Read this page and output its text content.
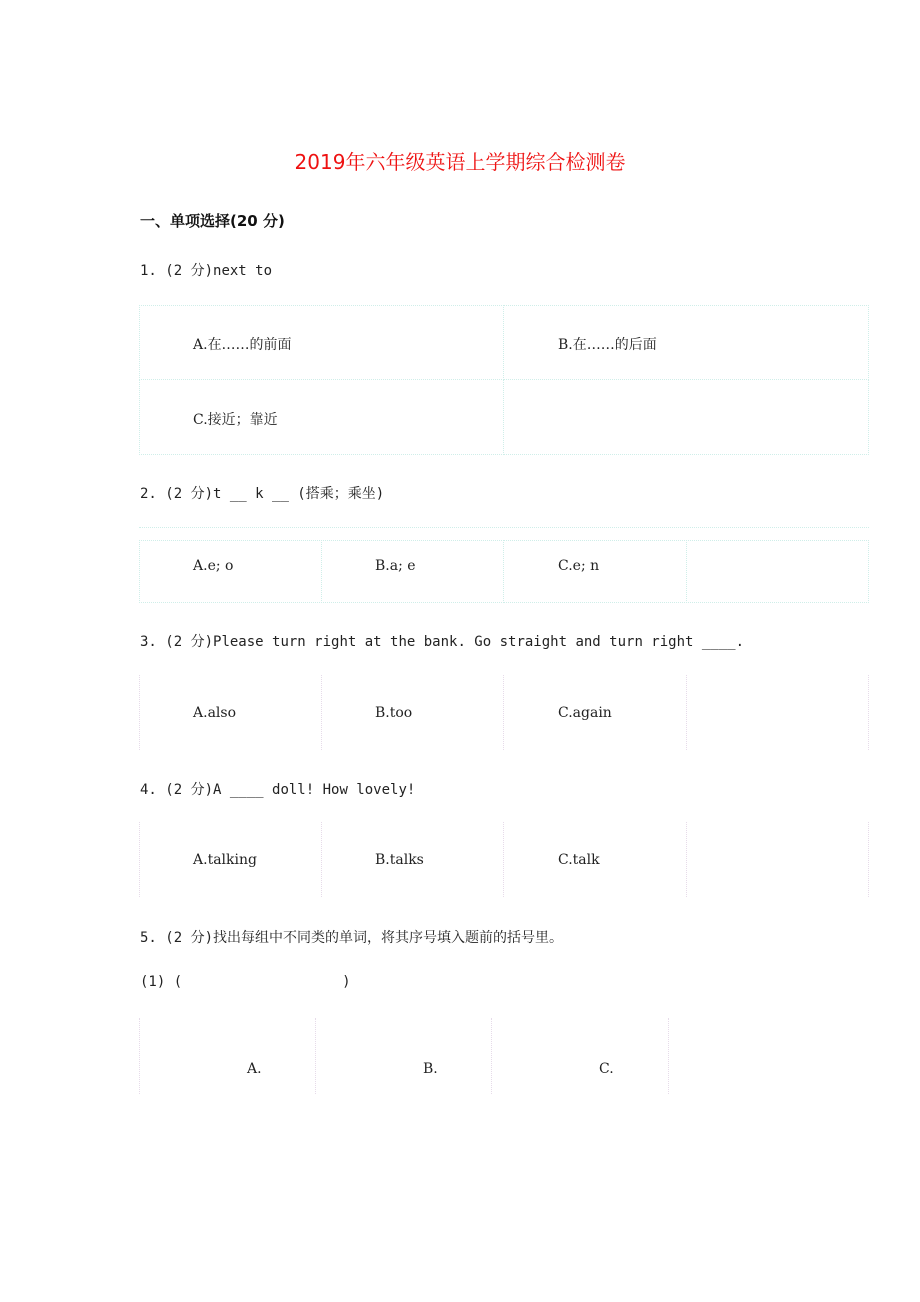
2019年六年级英语上学期综合检测卷
一、单项选择(20 分)
1. (2 分)next to
A.在……的前面	B.在……的后面
C.接近；靠近
2. (2 分)t __ k __ (搭乘；乘坐)
A.e; o	B.a; e	C.e; n
3. (2 分)Please turn right at the bank. Go straight and turn right ____.
A.also	B.too	C.again
4. (2 分)A ____ doll! How lovely!
A.talking	B.talks	C.talk
5. (2 分)找出每组中不同类的单词，将其序号填入题前的括号里。
(1) (	)
A.	B.	C.
